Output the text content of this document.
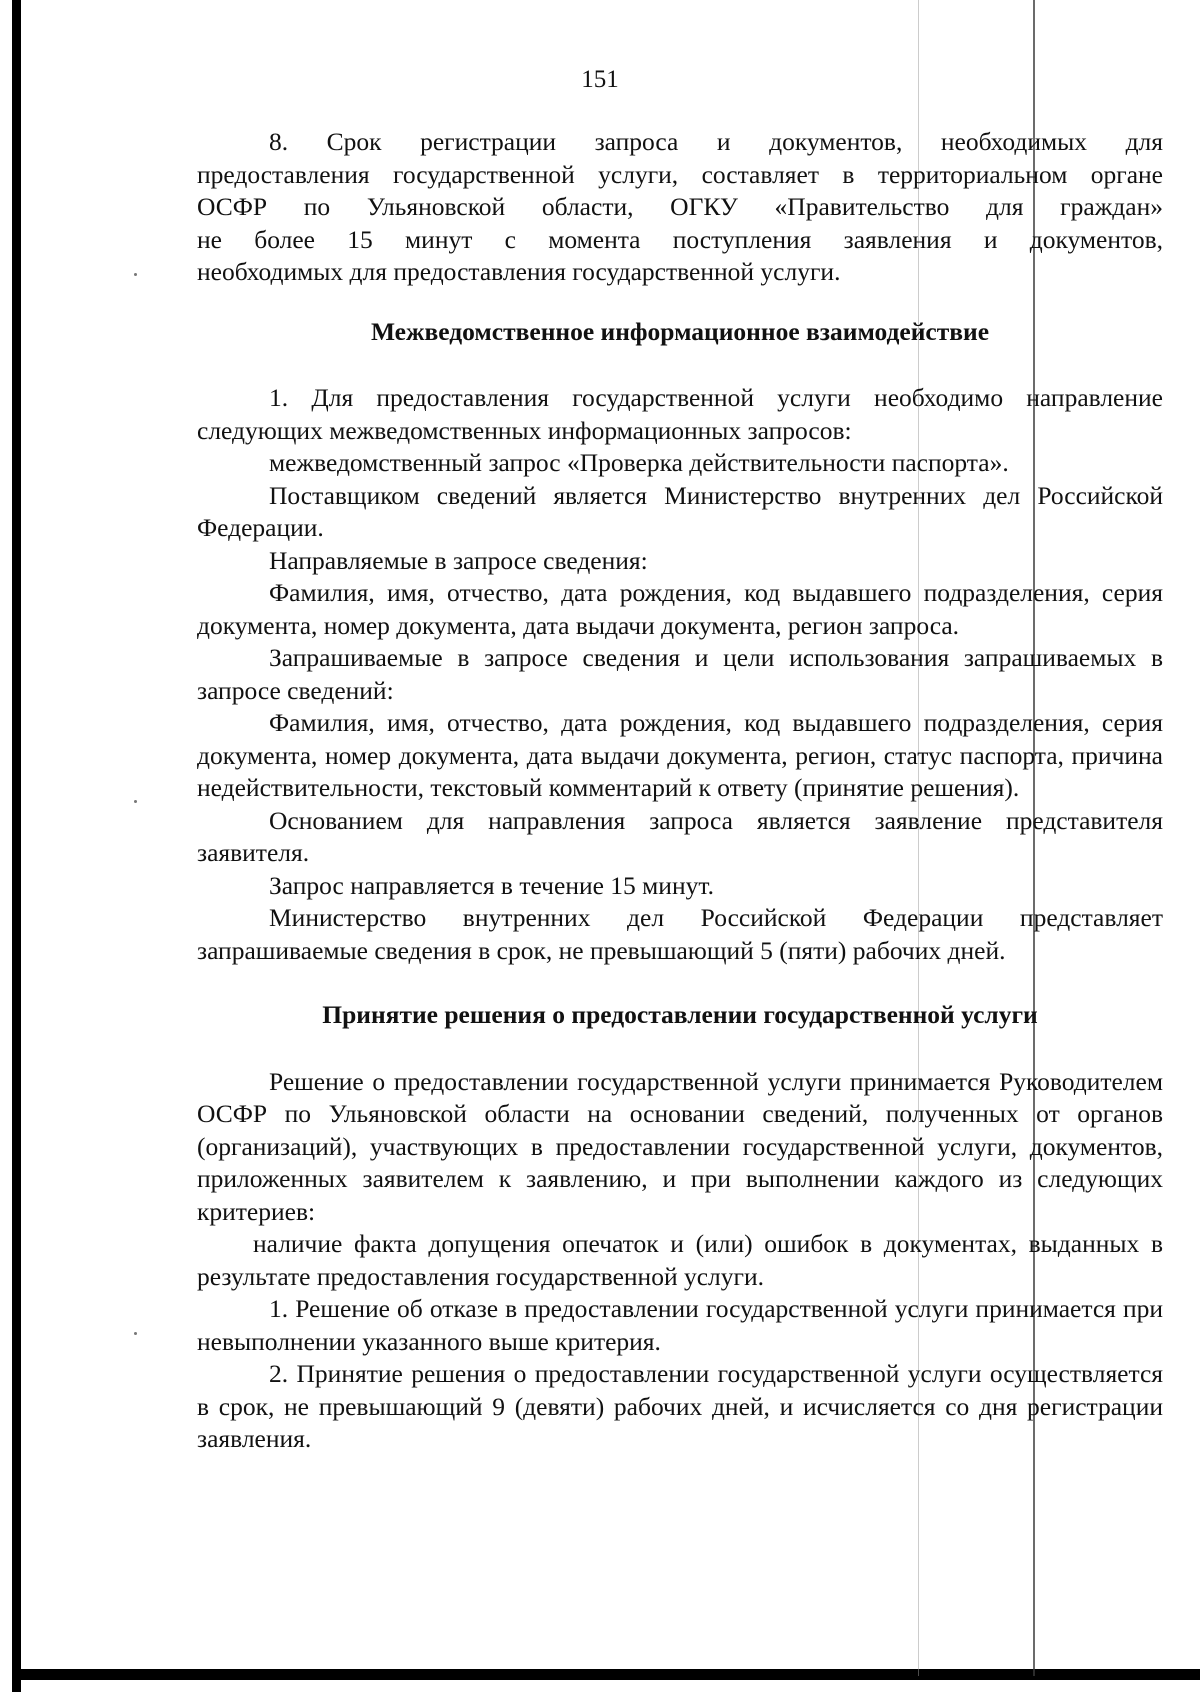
151

8. Срок регистрации запроса и документов, необходимых для

предоставления государственной услуги, составляет в территориальном органе

ОСФР по Ульяновской области, ОГКУ «Правительство для граждан»

не более 15 минут с момента поступления заявления и документов,

необходимых для предоставления государственной услуги.

Межведомственное информационное взаимодействие

1. Для предоставления государственной услуги необходимо направление следующих межведомственных информационных запросов:

межведомственный запрос «Проверка действительности паспорта».

Поставщиком сведений является Министерство внутренних дел Российской Федерации.

Направляемые в запросе сведения:

Фамилия, имя, отчество, дата рождения, код выдавшего подразделения, серия документа, номер документа, дата выдачи документа, регион запроса.

Запрашиваемые в запросе сведения и цели использования запрашиваемых в запросе сведений:

Фамилия, имя, отчество, дата рождения, код выдавшего подразделения, серия документа, номер документа, дата выдачи документа, регион, статус паспорта, причина недействительности, текстовый комментарий к ответу (принятие решения).

Основанием для направления запроса является заявление представителя заявителя.

Запрос направляется в течение 15 минут.

Министерство внутренних дел Российской Федерации представляет запрашиваемые сведения в срок, не превышающий 5 (пяти) рабочих дней.

Принятие решения о предоставлении государственной услуги

Решение о предоставлении государственной услуги принимается Руководителем ОСФР по Ульяновской области на основании сведений, полученных от органов (организаций), участвующих в предоставлении государственной услуги, документов, приложенных заявителем к заявлению, и при выполнении каждого из следующих критериев:

наличие факта допущения опечаток и (или) ошибок в документах, выданных в результате предоставления государственной услуги.

1. Решение об отказе в предоставлении государственной услуги принимается при невыполнении указанного выше критерия.

2. Принятие решения о предоставлении государственной услуги осуществляется в срок, не превышающий 9 (девяти) рабочих дней, и исчисляется со дня регистрации заявления.
